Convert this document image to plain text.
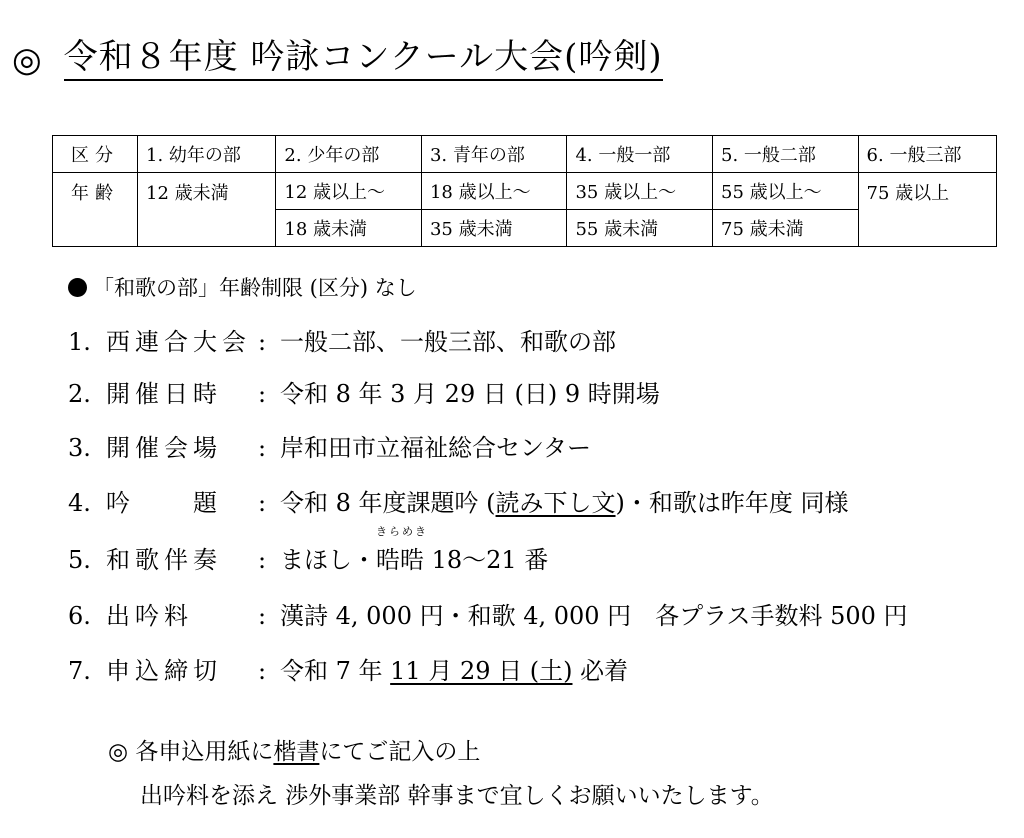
◎ 令和８年度 吟詠コンクール大会(吟剣)
区分	1. 幼年の部	2. 少年の部	3. 青年の部	4. 一般一部	5. 一般二部	6. 一般三部
年齢	12 歳未満	12 歳以上～	18 歳以上～	35 歳以上～	55 歳以上～	75 歳以上
		18 歳未満	35 歳未満	55 歳未満	75 歳未満	
「和歌の部」年齢制限 (区分) なし
1. 西連合大会 : 一般二部、一般三部、和歌の部
2. 開催日時	: 令和 8 年 3 月 29 日 (日) 9 時開場
3. 開催会場	: 岸和田市立福祉総合センター
4. 吟　　題	: 令和 8 年度課題吟 (読み下し文)・和歌は昨年度 同様
5. 和歌伴奏	: まほし・
きらめき
晧晧 18～21 番
6. 出吟料	: 漢詩 4, 000 円・和歌 4, 000 円　各プラス手数料 500 円
7. 申込締切	: 令和 7 年 11 月 29 日 (土) 必着
◎ 各申込用紙に楷書にてご記入の上
出吟料を添え 渉外事業部 幹事まで宜しくお願いいたします。
